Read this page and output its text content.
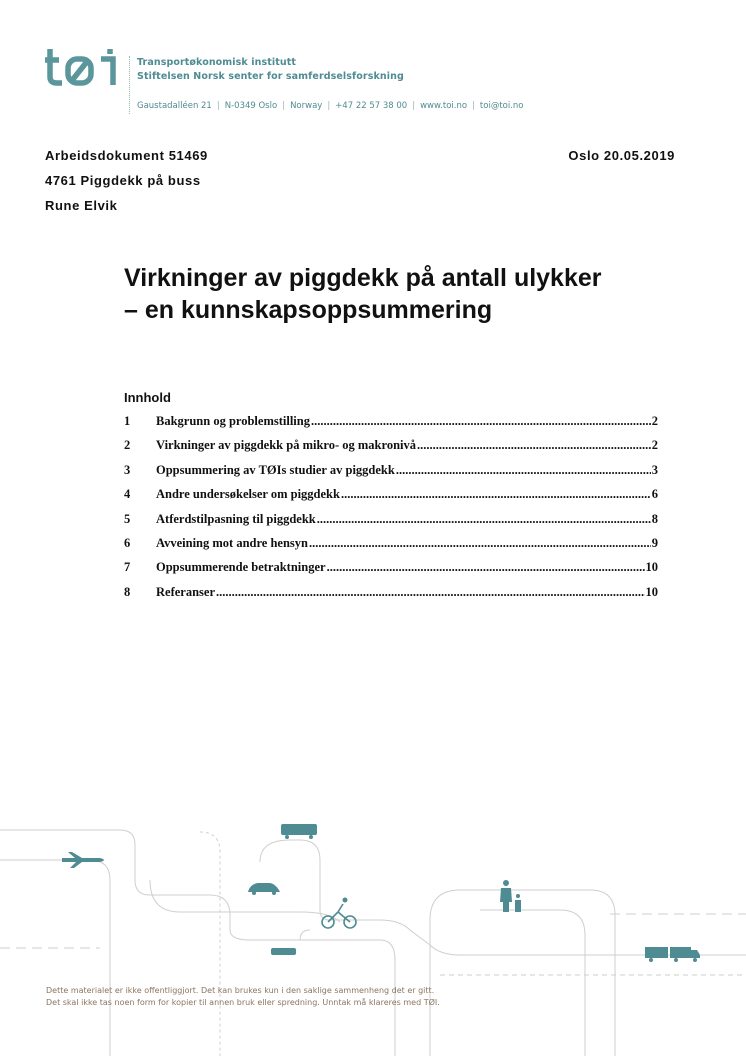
Transportøkonomisk institutt
Stiftelsen Norsk senter for samferdselsforskning
Gaustadalléen 21 | N-0349 Oslo | Norway | +47 22 57 38 00 | www.toi.no | toi@toi.no
Arbeidsdokument 51469
4761 Piggdekk på buss
Rune Elvik
Oslo 20.05.2019
Virkninger av piggdekk på antall ulykker
– en kunnskapsoppsummering
Innhold
1	Bakgrunn og problemstilling .....	2
2	Virkninger av piggdekk på mikro- og makronivå .....	2
3	Oppsummering av TØIs studier av piggdekk .....	3
4	Andre undersøkelser om piggdekk .....	6
5	Atferdstilpasning til piggdekk .....	8
6	Avveining mot andre hensyn .....	9
7	Oppsummerende betraktninger .....	10
8	Referanser .....	10
Dette materialet er ikke offentliggjort. Det kan brukes kun i den saklige sammenheng det er gitt.
Det skal ikke tas noen form for kopier til annen bruk eller spredning. Unntak må klareres med TØI.
